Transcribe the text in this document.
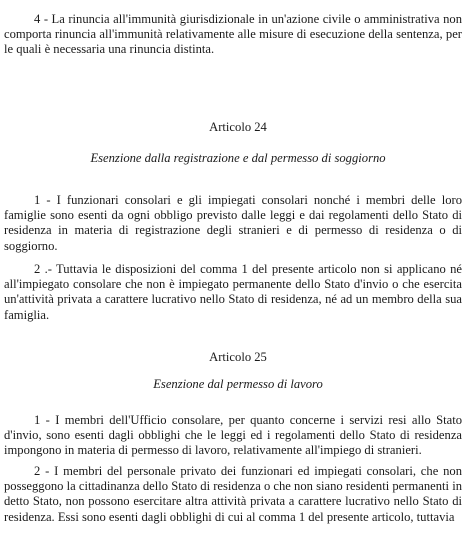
4 - La rinuncia all'immunità giurisdizionale in un'azione civile o amministrativa non comporta rinuncia all'immunità relativamente alle misure di esecuzione della sentenza, per le quali è necessaria una rinuncia distinta.

Articolo 24

Esenzione dalla registrazione e dal permesso di soggiorno

1 - I funzionari consolari e gli impiegati consolari nonché i membri delle loro famiglie sono esenti da ogni obbligo previsto dalle leggi e dai regolamenti dello Stato di residenza in materia di registrazione degli stranieri e di permesso di residenza o di soggiorno.

2 .- Tuttavia le disposizioni del comma 1 del presente articolo non si applicano né all'impiegato consolare che non è impiegato permanente dello Stato d'invio o che esercita un'attività privata a carattere lucrativo nello Stato di residenza, né ad un membro della sua famiglia.

Articolo 25

Esenzione dal permesso di lavoro

1 - I membri dell'Ufficio consolare, per quanto concerne i servizi resi allo Stato d'invio, sono esenti dagli obblighi che le leggi ed i regolamenti dello Stato di residenza impongono in materia di permesso di lavoro, relativamente all'impiego di stranieri.

2 - I membri del personale privato dei funzionari ed impiegati consolari, che non posseggono la cittadinanza dello Stato di residenza o che non siano residenti permanenti in detto Stato, non possono esercitare altra attività privata a carattere lucrativo nello Stato di residenza. Essi sono esenti dagli obblighi di cui al comma 1 del presente articolo, tuttavia
